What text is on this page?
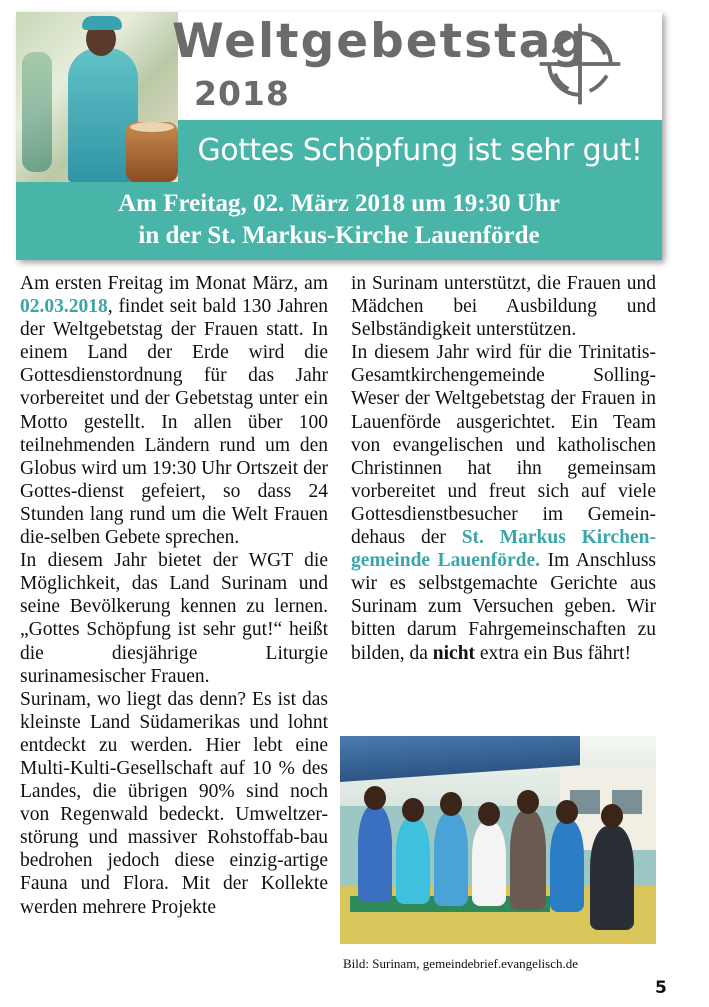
Weltgebetstag
2018
Gottes Schöpfung ist sehr gut!
Am Freitag, 02. März 2018 um 19:30 Uhr
in der St. Markus-Kirche Lauenförde

Am ersten Freitag im Monat März, am 02.03.2018, findet seit bald 130 Jahren der Weltgebetstag der Frauen statt. In einem Land der Erde wird die Gottesdienstordnung für das Jahr vorbereitet und der Gebetstag unter ein Motto gestellt. In allen über 100 teilnehmenden Ländern rund um den Globus wird um 19:30 Uhr Ortszeit der Gottes-dienst gefeiert, so dass 24 Stunden lang rund um die Welt Frauen die-selben Gebete sprechen.

In diesem Jahr bietet der WGT die Möglichkeit, das Land Surinam und seine Bevölkerung kennen zu lernen. „Gottes Schöpfung ist sehr gut!“ heißt die diesjährige Liturgie surinamesischer Frauen.

Surinam, wo liegt das denn? Es ist das kleinste Land Südamerikas und lohnt entdeckt zu werden. Hier lebt eine Multi-Kulti-Gesellschaft auf 10 % des Landes, die übrigen 90% sind noch von Regenwald bedeckt. Umweltzer-störung und massiver Rohstoffab-bau bedrohen jedoch diese einzig-artige Fauna und Flora. Mit der Kollekte werden mehrere Projekte

in Surinam unterstützt, die Frauen und Mädchen bei Ausbildung und Selbständigkeit unterstützen.

In diesem Jahr wird für die Trinitatis-Gesamtkirchengemeinde Solling-Weser der Weltgebetstag der Frauen in Lauenförde ausgerichtet. Ein Team von evangelischen und katholischen Christinnen hat ihn gemeinsam vorbereitet und freut sich auf viele Gottesdienstbesucher im Gemein-dehaus der St. Markus Kirchen-gemeinde Lauenförde. Im Anschluss wir es selbstgemachte Gerichte aus Surinam zum Versuchen geben. Wir bitten darum Fahrgemeinschaften zu bilden, da nicht extra ein Bus fährt!

Bild: Surinam, gemeindebrief.evangelisch.de
5
